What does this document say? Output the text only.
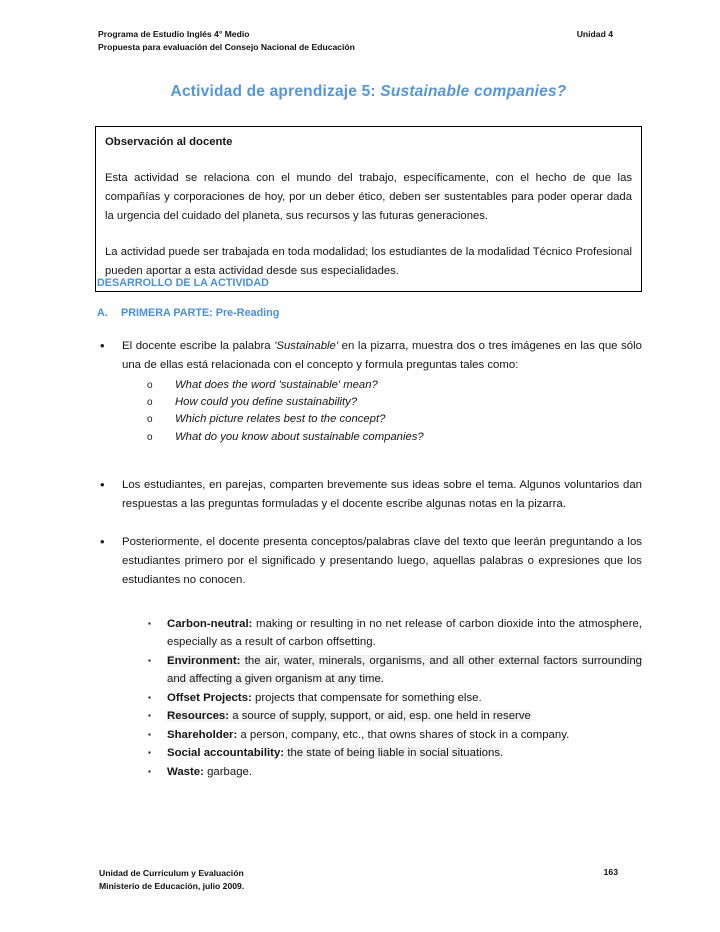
Programa de Estudio Inglés 4° Medio
Propuesta para evaluación del Consejo Nacional de Educación
Unidad 4
Actividad de aprendizaje 5: Sustainable companies?
Observación al docente

Esta actividad se relaciona con el mundo del trabajo, específicamente, con el hecho de que las compañías y corporaciones de hoy, por un deber ético, deben ser sustentables para poder operar dada la urgencia del cuidado del planeta, sus recursos y las futuras generaciones.

La actividad puede ser trabajada en toda modalidad; los estudiantes de la modalidad Técnico Profesional pueden aportar a esta actividad desde sus especialidades.

DESARROLLO DE LA ACTIVIDAD
A. PRIMERA PARTE: Pre-Reading
• El docente escribe la palabra 'Sustainable' en la pizarra, muestra dos o tres imágenes en las que sólo una de ellas está relacionada con el concepto y formula preguntas tales como:
o What does the word 'sustainable' mean?
o How could you define sustainability?
o Which picture relates best to the concept?
o What do you know about sustainable companies?
• Los estudiantes, en parejas, comparten brevemente sus ideas sobre el tema. Algunos voluntarios dan respuestas a las preguntas formuladas y el docente escribe algunas notas en la pizarra.
• Posteriormente, el docente presenta conceptos/palabras clave del texto que leerán preguntando a los estudiantes primero por el significado y presentando luego, aquellas palabras o expresiones que los estudiantes no conocen.
▪ Carbon-neutral: making or resulting in no net release of carbon dioxide into the atmosphere, especially as a result of carbon offsetting.
▪ Environment: the air, water, minerals, organisms, and all other external factors surrounding and affecting a given organism at any time.
▪ Offset Projects: projects that compensate for something else.
▪ Resources: a source of supply, support, or aid, esp. one held in reserve
▪ Shareholder: a person, company, etc., that owns shares of stock in a company.
▪ Social accountability: the state of being liable in social situations.
▪ Waste: garbage.
Unidad de Curriculum y Evaluación
Ministerio de Educación, julio 2009.
163
